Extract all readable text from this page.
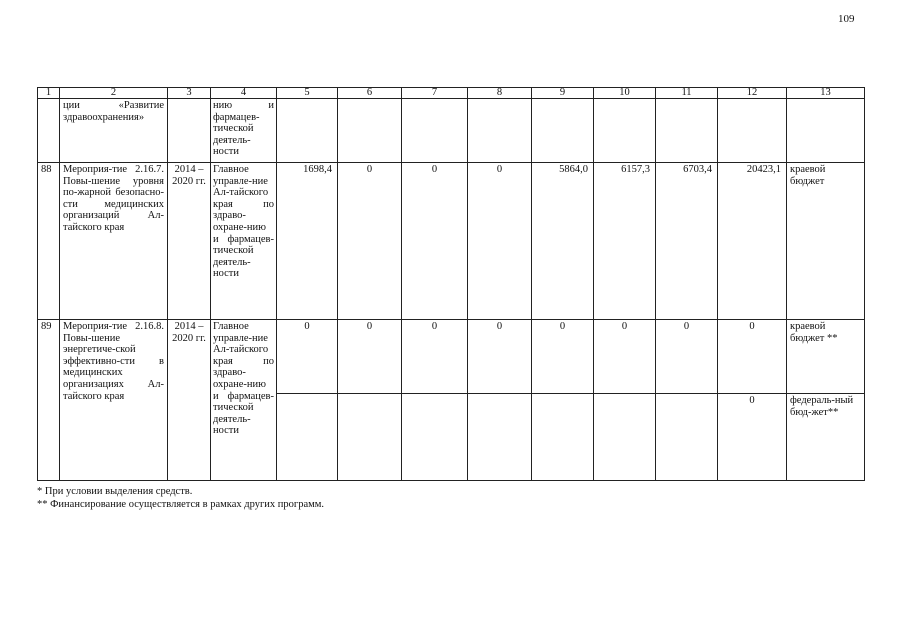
109
1	2	3	4	5	6	7	8	9	10	11	12	13
	ции «Развитие здравоохранения»		нию и фармацев-тической деятель-ности									
88	Мероприя-тие 2.16.7. Повы-шение уровня по-жарной безопасно-сти медицинских организаций Ал-тайского края	2014 – 2020 гг.	Главное управле-ние Ал-тайского края по здраво-охране-нию и фармацев-тической деятель-ности	1698,4	0	0	0	5864,0	6157,3	6703,4	20423,1	краевой бюджет
89	Мероприя-тие 2.16.8. Повы-шение энергетиче-ской эффективно-сти в медицинских организациях Ал-тайского края	2014 – 2020 гг.	Главное управле-ние Ал-тайского края по здраво-охране-нию и фармацев-тической деятель-ности	0	0	0	0	0	0	0	0	краевой бюджет **
											0	федераль-ный бюд-жет**
* При условии выделения средств.
** Финансирование осуществляется в рамках других программ.
